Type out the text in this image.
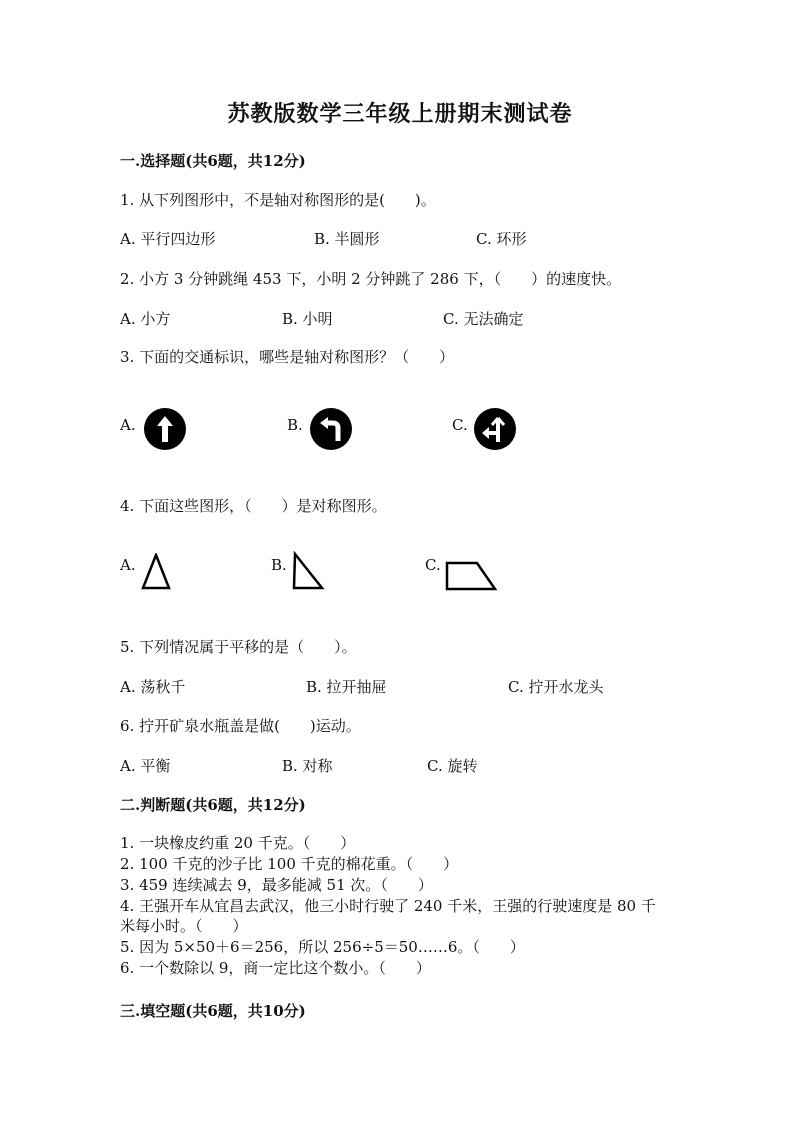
苏教版数学三年级上册期末测试卷
一.选择题(共6题，共12分)
1. 从下列图形中，不是轴对称图形的是(　　)。
A. 平行四边形	B. 半圆形	C. 环形
2. 小方 3 分钟跳绳 453 下，小明 2 分钟跳了 286 下，（　　）的速度快。
A. 小方	B. 小明	C. 无法确定
3. 下面的交通标识，哪些是轴对称图形？（　　）
A.	B.	C.
4. 下面这些图形，（　　）是对称图形。
A.	B.	C.
5. 下列情况属于平移的是（　　）。
A. 荡秋千	B. 拉开抽屉	C. 拧开水龙头
6. 拧开矿泉水瓶盖是做(　　)运动。
A. 平衡	B. 对称	C. 旋转
二.判断题(共6题，共12分)
1. 一块橡皮约重 20 千克。（　　）
2. 100 千克的沙子比 100 千克的棉花重。（　　）
3. 459 连续减去 9，最多能减 51 次。（　　）
4. 王强开车从宜昌去武汉，他三小时行驶了 240 千米，王强的行驶速度是 80 千
米每小时。（　　）
5. 因为 5×50＋6＝256，所以 256÷5＝50……6。（　　）
6. 一个数除以 9，商一定比这个数小。（　　）
三.填空题(共6题，共10分)
